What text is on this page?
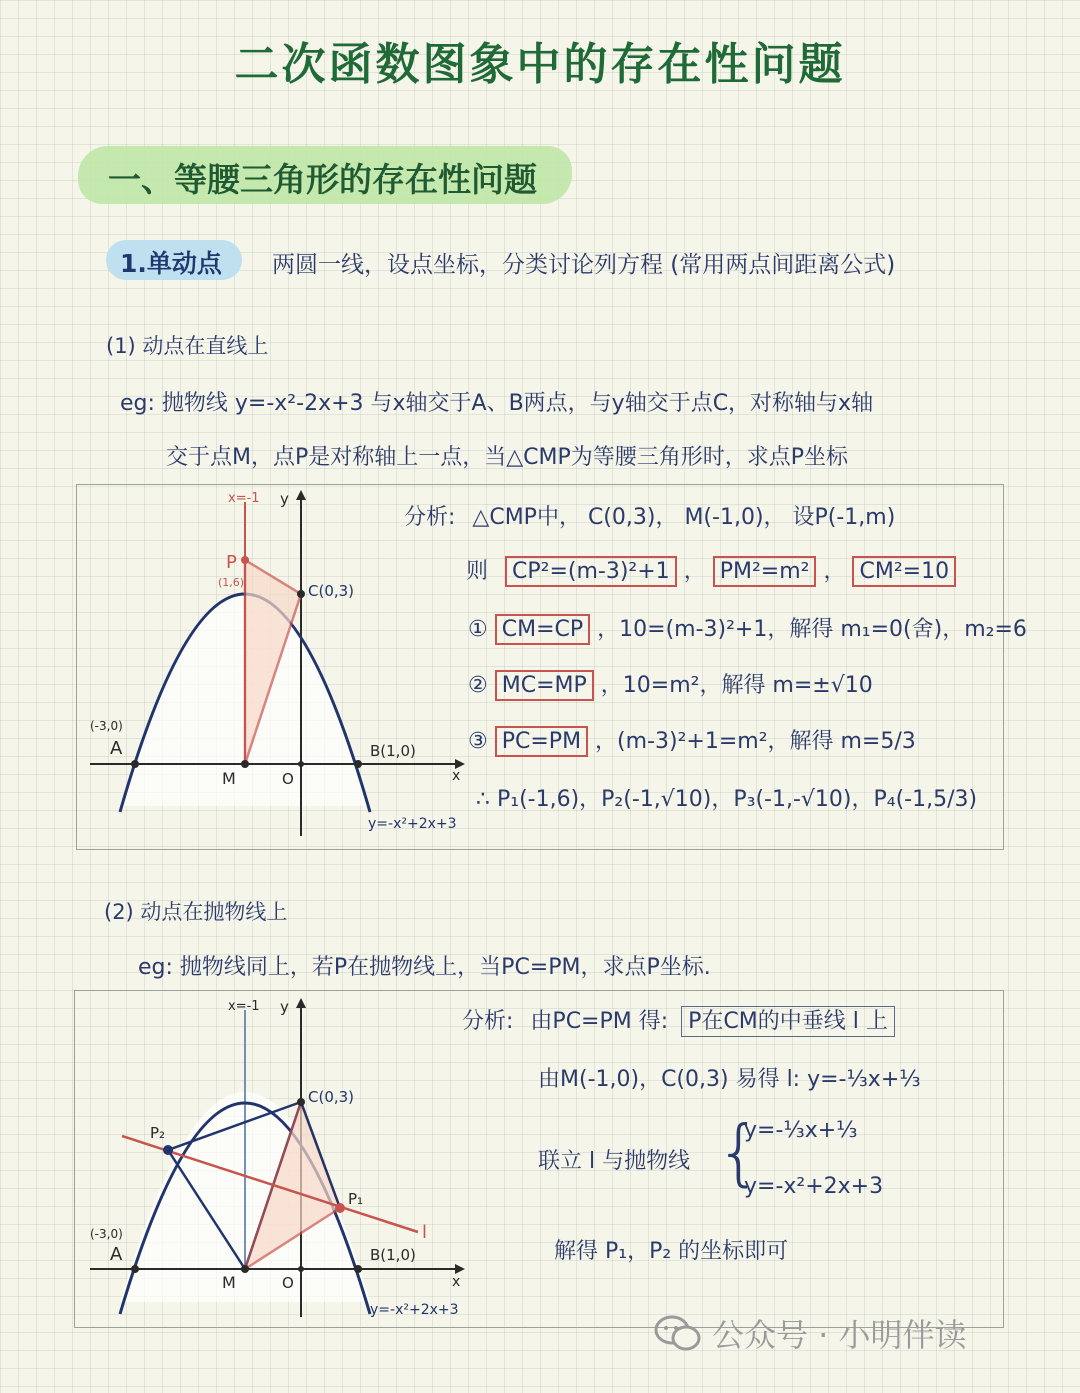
二次函数图象中的存在性问题
一、等腰三角形的存在性问题
1.单动点 两圆一线，设点坐标，分类讨论列方程 (常用两点间距离公式)
(1) 动点在直线上
eg: 抛物线 y=-x²-2x+3 与x轴交于A、B两点，与y轴交于点C，对称轴与x轴
交于点M，点P是对称轴上一点，当△CMP为等腰三角形时，求点P坐标
x=-1 y
x
P
(1,6)	C(0,3)
(-3,0)
A	B(1,0)
M	O
y=-x²+2x+3
分析: △CMP中， C(0,3)， M(-1,0)， 设P(-1,m)
则 CP²=(m-3)²+1 ， PM²=m² ， CM²=10
① CM=CP ，10=(m-3)²+1，解得 m₁=0(舍)，m₂=6
② MC=MP ，10=m²，解得 m=±√10
③ PC=PM ，(m-3)²+1=m²，解得 m=5/3
∴ P₁(-1,6)，P₂(-1,√10)，P₃(-1,-√10)，P₄(-1,5/3)
(2) 动点在抛物线上
eg: 抛物线同上，若P在抛物线上，当PC=PM，求点P坐标.
x=-1 y
x
P₂
P₁
C(0,3)
(-3,0)
A	B(1,0)
M	O
l
y=-x²+2x+3
分析: 由PC=PM 得: P在CM的中垂线 l 上
由M(-1,0)，C(0,3) 易得 l: y=-⅓x+⅓
联立 l 与抛物线 {
y=-⅓x+⅓
y=-x²+2x+3
解得 P₁，P₂ 的坐标即可
公众号 · 小明伴读
